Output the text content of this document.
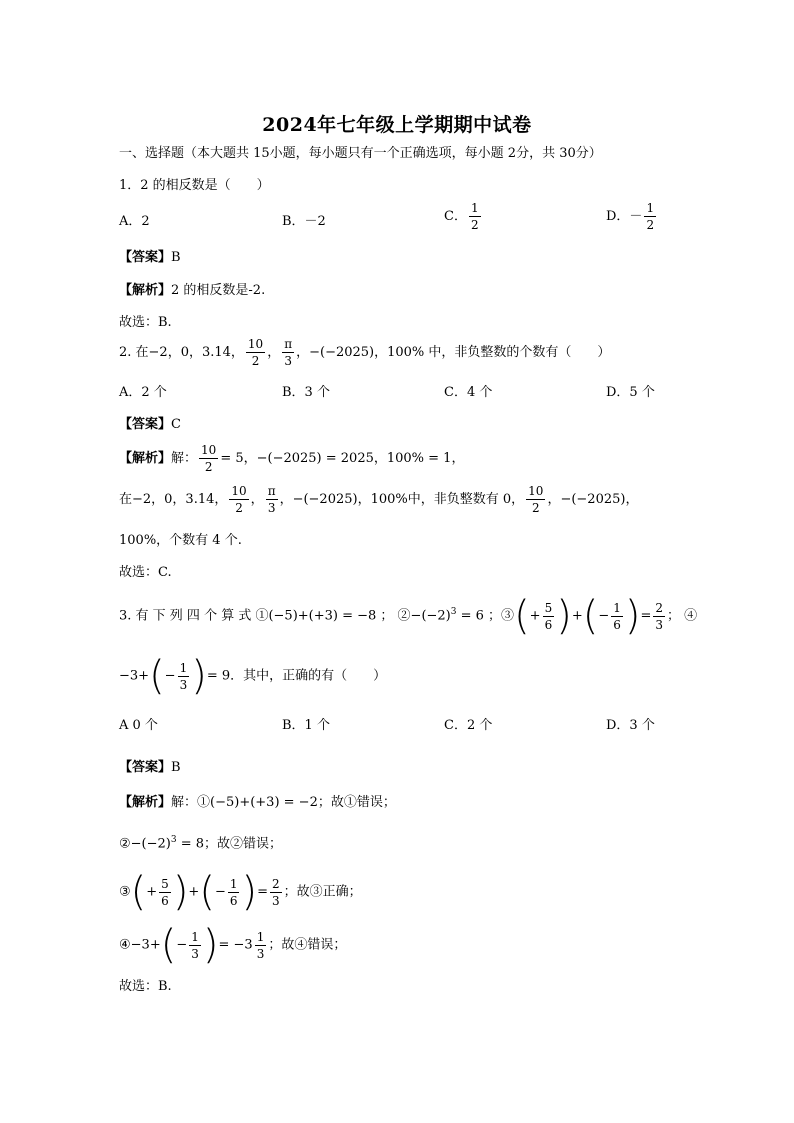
2024年七年级上学期期中试卷
一、选择题（本大题共 15小题，每小题只有一个正确选项，每小题 2分，共 30分）
1．2 的相反数是（　　）
A．2	B．－2	C． $\frac{1}{2}$	D．－ $\frac{1}{2}$
【答案】B
【解析】2 的相反数是-2.
故选：B.
2. 在−2，0，3.14， $\frac{10}{2}$ ， $\frac{\pi}{3}$ ，−(−2025)，100% 中，非负整数的个数有（　　）
A．2 个	B．3 个	C．4 个	D．5 个
【答案】C
【解析】解： $\frac{10}{2} = 5$，−(−2025) = 2025，100% = 1，
在−2，0，3.14， $\frac{10}{2}$ ， $\frac{\pi}{3}$ ，−(−2025)，100%中，非负整数有 0， $\frac{10}{2}$ ，−(−2025)，
100%，个数有 4 个.
故选：C.
3. 有 下 列 四 个 算 式 ①(−5)+(+3) = −8 ； $②-(-2)^3 = 6$ ；③(+ $\frac{5}{6}$ )+(− $\frac{1}{6}$ )= $\frac{2}{3}$ ； ④
$-3+(- \frac{1}{3}$ )= 9．其中，正确的有（　　）
A 0 个	B．1 个	C．2 个	D．3 个
【答案】B
【解析】解：①(−5)+(+3) = −2；故①错误；
$②-(-2)^3 = 8$；故②错误；
③(+ $\frac{5}{6}$ )+(− $\frac{1}{6}$ )= $\frac{2}{3}$ ；故③正确；
④−3+(− $\frac{1}{3}$ )= $-3 \frac{1}{3}$ ；故④错误；
故选：B.
